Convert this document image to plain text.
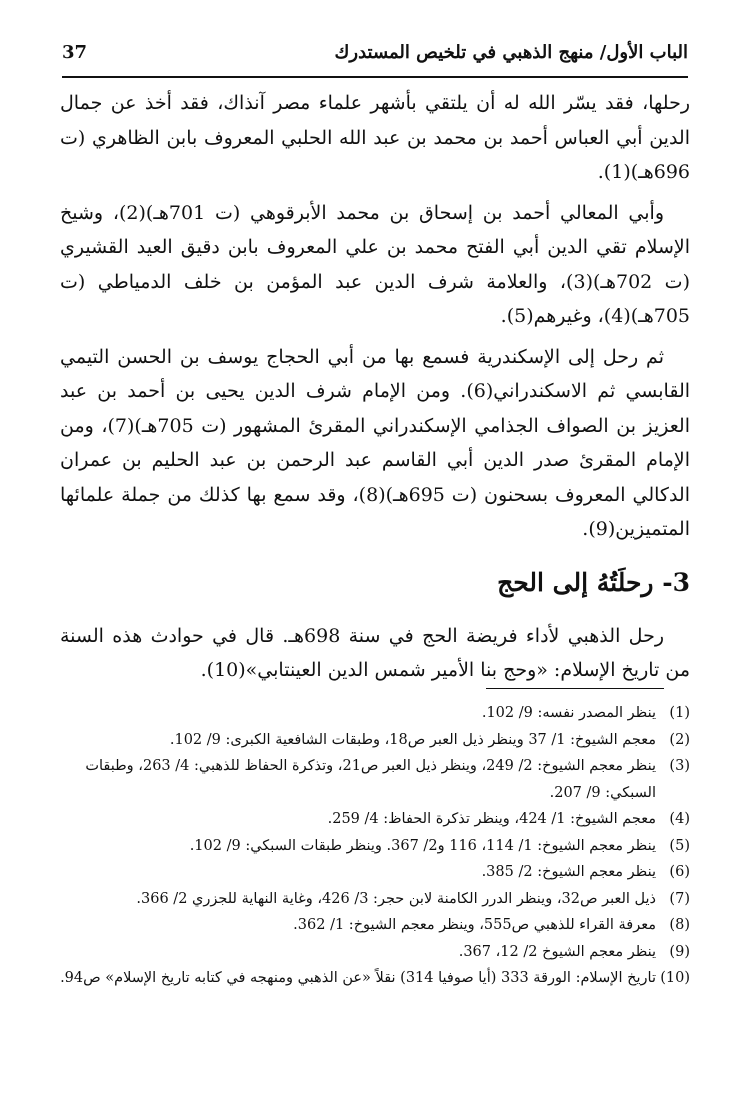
الباب الأول/ منهج الذهبي في تلخيص المستدرك
37

رحلها، فقد يسّر الله له أن يلتقي بأشهر علماء مصر آنذاك، فقد أخذ عن جمال الدين أبي العباس أحمد بن محمد بن عبد الله الحلبي المعروف بابن الظاهري (ت 696هـ)(1).

وأبي المعالي أحمد بن إسحاق بن محمد الأبرقوهي (ت 701هـ)(2)، وشيخ الإسلام تقي الدين أبي الفتح محمد بن علي المعروف بابن دقيق العيد القشيري (ت 702هـ)(3)، والعلامة شرف الدين عبد المؤمن بن خلف الدمياطي (ت 705هـ)(4)، وغيرهم(5).

ثم رحل إلى الإسكندرية فسمع بها من أبي الحجاج يوسف بن الحسن التيمي القابسي ثم الاسكندراني(6). ومن الإمام شرف الدين يحيى بن أحمد بن عبد العزيز بن الصواف الجذامي الإسكندراني المقرئ المشهور (ت 705هـ)(7)، ومن الإمام المقرئ صدر الدين أبي القاسم عبد الرحمن بن عبد الحليم بن عمران الدكالي المعروف بسحنون (ت 695هـ)(8)، وقد سمع بها كذلك من جملة علمائها المتميزين(9).

3- رحلَتُهُ إلى الحج

رحل الذهبي لأداء فريضة الحج في سنة 698هـ. قال في حوادث هذه السنة من تاريخ الإسلام: «وحج بنا الأمير شمس الدين العينتابي»(10).

(1)
ينظر المصدر نفسه: 9/ 102.
(2)
معجم الشيوخ: 1/ 37 وينظر ذيل العبر ص18، وطبقات الشافعية الكبرى: 9/ 102.
(3)
ينظر معجم الشيوخ: 2/ 249، وينظر ذيل العبر ص21، وتذكرة الحفاظ للذهبي: 4/ 263، وطبقات السبكي: 9/ 207.
(4)
معجم الشيوخ: 1/ 424، وينظر تذكرة الحفاظ: 4/ 259.
(5)
ينظر معجم الشيوخ: 1/ 114، 116 و2/ 367. وينظر طبقات السبكي: 9/ 102.
(6)
ينظر معجم الشيوخ: 2/ 385.
(7)
ذيل العبر ص32، وينظر الدرر الكامنة لابن حجر: 3/ 426، وغاية النهاية للجزري 2/ 366.
(8)
معرفة القراء للذهبي ص555، وينظر معجم الشيوخ: 1/ 362.
(9)
ينظر معجم الشيوخ 2/ 12، 367.
(10)
تاريخ الإسلام: الورقة 333 (أيا صوفيا 314) نقلاً «عن الذهبي ومنهجه في كتابه تاريخ الإسلام» ص94.
